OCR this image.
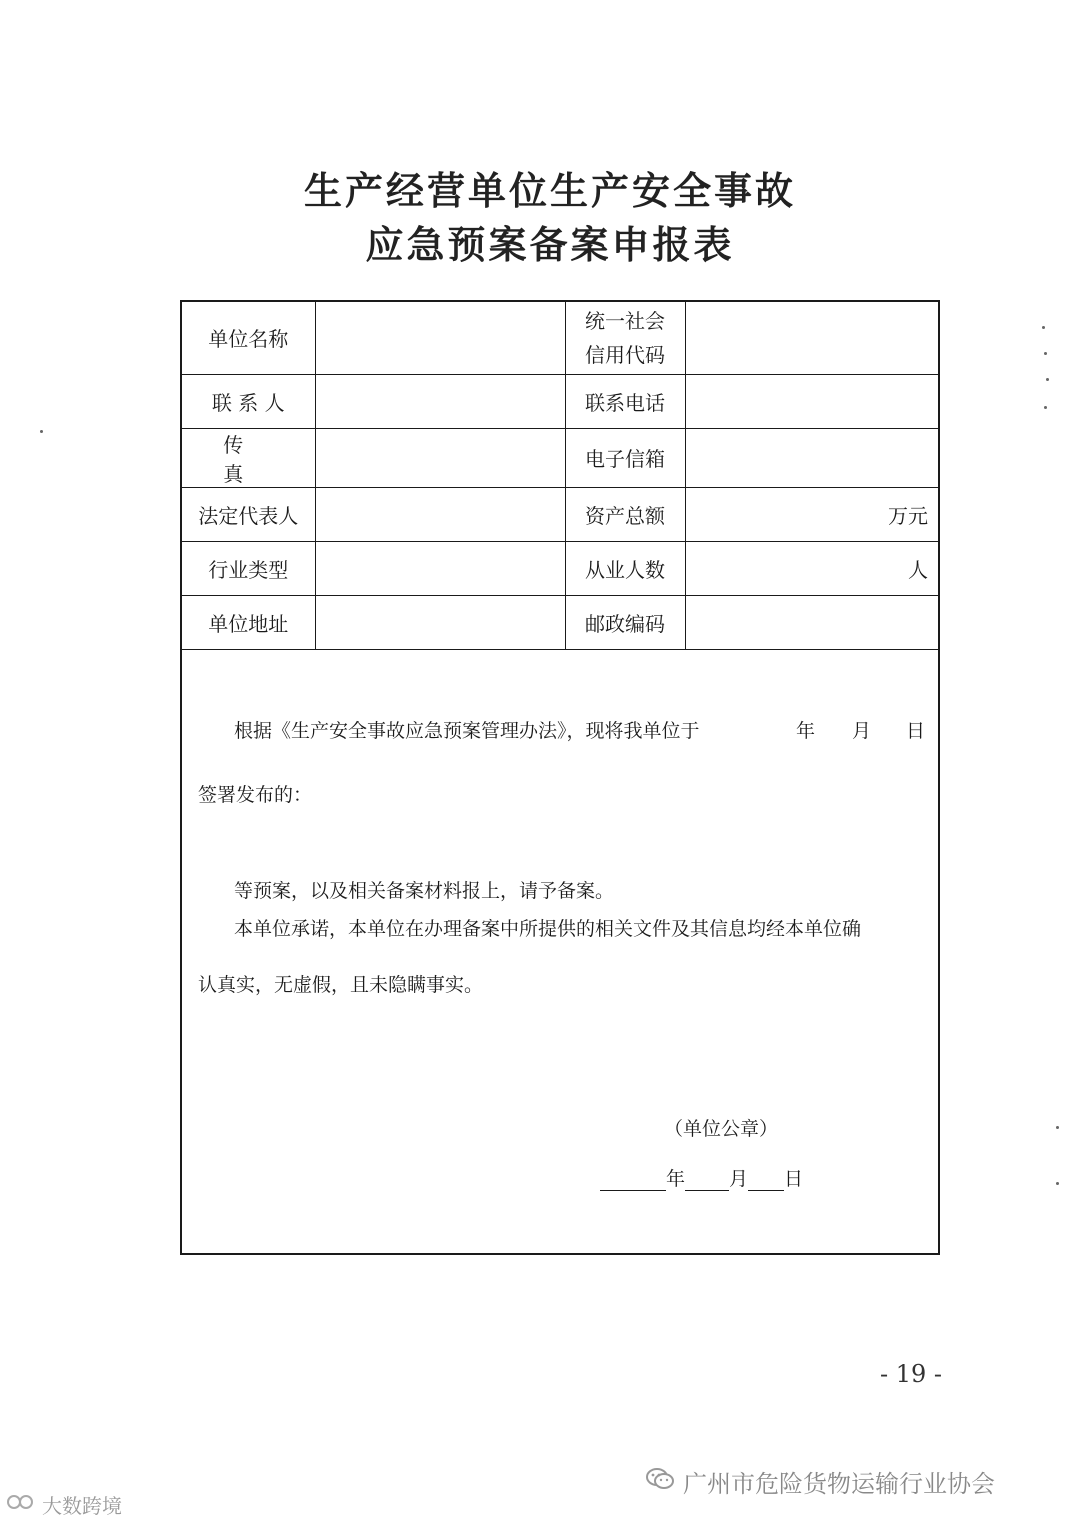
生产经营单位生产安全事故
应急预案备案申报表
单位名称		统一社会
信用代码	

联 系 人		联系电话	
传 真		电子信箱	
法定代表人		资产总额	万元
行业类型		从业人数	人
单位地址		邮政编码	
根据《生产安全事故应急预案管理办法》，现将我单位于	年 月 日
签署发布的：
等预案，以及相关备案材料报上，请予备案。
本单位承诺，本单位在办理备案中所提供的相关文件及其信息均经本单位确
认真实，无虚假，且未隐瞒事实。
（单位公章）
年 月 日
- 19 -
广州市危险货物运输行业协会
大数跨境
